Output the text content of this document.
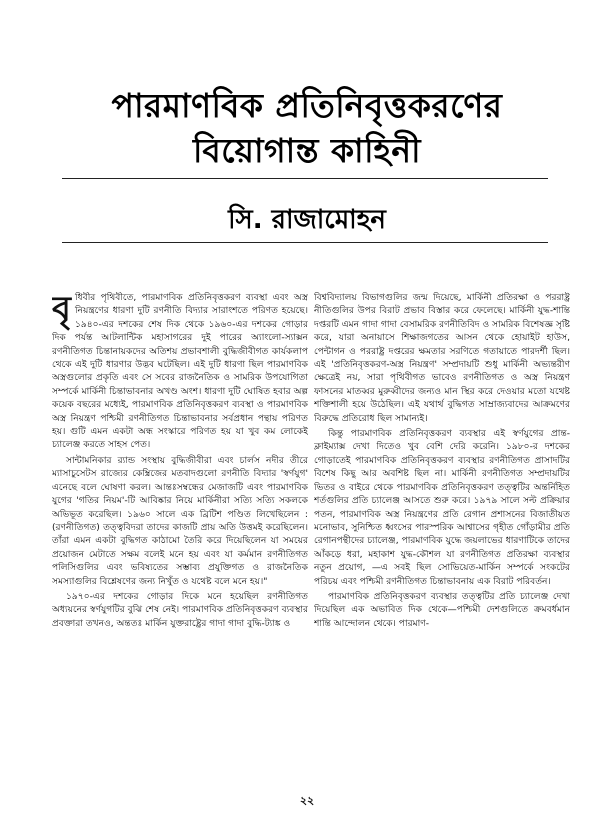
পারমাণবিক প্রতিনিবৃত্তকরণের
বিয়োগান্ত কাহিনী
সি. রাজামোহন

বৃধিবীর পৃথিবীতে, পারমাণবিক প্রতিনিবৃত্তকরণ ব্যবস্থা এবং অস্ত্র নিয়ন্ত্রণের ধারণা দুটি রণনীতি বিদ্যার সারাংশতে পরিণত হয়েছে। ১৯৪০-এর দশকের শেষ দিক থেকে ১৯৬০-এর দশকের গোড়ার দিক পর্যন্ত আটলান্টিক মহাসাগরের দুই পারের অ্যাংলো-স্যাক্সন রণনীতিগত চিন্তানায়কদের অতিশয় প্রভাবশালী বুদ্ধিজীবীগত কার্যকলাপ থেকে এই দুটি ধারণার উদ্ভব ঘটেছিল। এই দুটি ধারণা ছিল পারমাণবিক অস্ত্রগুলোর প্রকৃতি এবং সে সবের রাজনৈতিক ও সামরিক উপযোগিতা সম্পর্কে মার্কিনী চিন্তাভাবনার অখণ্ড অংশ। ধারণা দুটি ঘোষিত হবার অল্প কয়েক বছরের মধ্যেই, পারমাণবিক প্রতিনিবৃত্তকরণ ব্যবস্থা ও পারমাণবিক অস্ত্র নিয়ন্ত্রণ পশ্চিমী রণনীতিগত চিন্তাভাবনার সর্বপ্রধান পন্থায় পরিণত হয়। গুটি এমন একটা অন্ধ সংস্কারে পরিণত হয় যা খুব কম লোকেই চ্যালেঞ্জ করতে সাহস পেত।

সান্টামনিকার র‍্যান্ড সংস্থায় বুদ্ধিজীবীরা এবং চার্লস নদীর তীরে ম্যাসাচুসেটস রাজ্যের কেম্ব্রিজের মতবাদগুলো রণনীতি বিদ্যার 'স্বর্ণযুগ' এনেছে বলে ঘোষণা করল। আন্তঃসম্বন্ধের মেজাজটি এবং পারমাণবিক যুগের 'গতির নিয়ম'-টি আবিষ্কার নিয়ে মার্কিনীরা সত্যি সত্যি সকলকে অভিভূত করেছিল। ১৯৬০ সালে এক ব্রিটিশ পণ্ডিত লিখেছিলেন : (রণনীতিগত) তত্ত্ববিদরা তাদের কাজটি প্রায় অতি উত্তমই করেছিলেন। তাঁরা এমন একটা বুদ্ধিগত কাঠামো তৈরি করে দিয়েছিলেন যা সময়ের প্রয়োজন মেটাতে সক্ষম বলেই মনে হয় এবং যা কর্মমান রণনীতিগত পলিসিগুলির এবং ভবিষ্যতের সম্ভাব্য প্রযুক্তিগত ও রাজনৈতিক সমস্যাগুলির বিশ্লেষণের জন্য নিখুঁত ও যথেষ্ট বলে মনে হয়।"

১৯৭০-এর দশকের গোড়ার দিকে মনে হয়েছিল রণনীতিগত অধ্যয়নের স্বর্ণযুগটির বুঝি শেষ নেই। পারমাণবিক প্রতিনিবৃত্তকরণ ব্যবস্থার প্রবক্তারা তখনও, অন্ততঃ মার্কিন যুক্তরাষ্ট্রের গাদা গাদা বুদ্ধি-ট্যাঙ্ক ও

বিশ্ববিদ্যালয় বিভাগগুলির জন্ম দিয়েছে, মার্কিনী প্রতিরক্ষা ও পররাষ্ট্র নীতিগুলির উপর বিরাট প্রভাব বিস্তার করে ফেলেছে। মার্কিনী যুদ্ধ-শান্তি দপ্তরটি এমন গাদা গাদা বেসামরিক রণনীতিবিদ ও সামরিক বিশেষজ্ঞ সৃষ্টি করে, যারা অনায়াসে শিক্ষাজগতের আসন থেকে হোয়াইট হাউস, পেন্টাগন ও পররাষ্ট্র দপ্তরের ক্ষমতার সরণিতে গতায়াতে পারদর্শী ছিল। এই 'প্রতিনিবৃত্তকরণ-অস্ত্র নিয়ন্ত্রণ' সম্প্রদায়টি শুধু মার্কিনী অভ্যন্তরীণ ক্ষেত্রেই নয়, সারা পৃথিবীগত ভাবেও রণনীতিগত ও অস্ত্র নিয়ন্ত্রণ ফাসনের মাতব্বর মুরুব্বীদের জন্যও মান স্থির করে দেওয়ার মতো যথেষ্ট শক্তিশালী হয়ে উঠেছিল। এই যথার্থ বুদ্ধিগত সাম্রাজ্যবাদের আক্রমণের বিরুদ্ধে প্রতিরোধ ছিল সামান্যই।

কিন্তু পারমাণবিক প্রতিনিবৃত্তকরণ ব্যবস্থার এই স্বর্ণযুগের প্রান্ত-ক্লাইম্যাক্স দেখা দিতেও খুব বেশি দেরি করেনি। ১৯৮০-র দশকের গোড়াতেই পারমাণবিক প্রতিনিবৃত্তকরণ ব্যবস্থার রণনীতিগত প্রাসাদটির বিশেষ কিছু আর অবশিষ্ট ছিল না। মার্কিনী রণনীতিগত সম্প্রদায়টির ভিতর ও বাইরে থেকে পারমাণবিক প্রতিনিবৃত্তকরণ তত্ত্বটির অন্তর্নিহিত শর্তগুলির প্রতি চ্যালেঞ্জ আসতে শুরু করে। ১৯৭৯ সালে সল্ট প্রক্রিয়ার পতন, পারমাণবিক অস্ত্র নিয়ন্ত্রণের প্রতি রেগান প্রশাসনের বিজাতীয়ত মনোভাব, সুনিশ্চিত ধ্বংসের পারস্পরিক আশ্বাসের গৃহীত গোঁড়ামীর প্রতি রেগানপন্থীদের চ্যালেঞ্জ, পারমাণবিক যুদ্ধে জয়লাভের ধারণাটিকে তাদের আঁকড়ে ধরা, মহাকাশ যুদ্ধ-কৌশল যা রণনীতিগত প্রতিরক্ষা ব্যবস্থার নতুন প্রয়োগ, —এ সবই ছিল সোভিয়েত-মার্কিন সম্পর্কে সংকটের পরিচয় এবং পশ্চিমী রণনীতিগত চিন্তাভাবনায় এক বিরাট পরিবর্তন।

পারমাণবিক প্রতিনিবৃত্তকরণ ব্যবস্থার তত্ত্বটির প্রতি চ্যালেঞ্জ দেখা দিয়েছিল এক অভাবিত দিক থেকে—পশ্চিমী দেশগুলিতে ক্রমবর্ধমান শান্তি আন্দোলন থেকে। পারমাণ-

২২
